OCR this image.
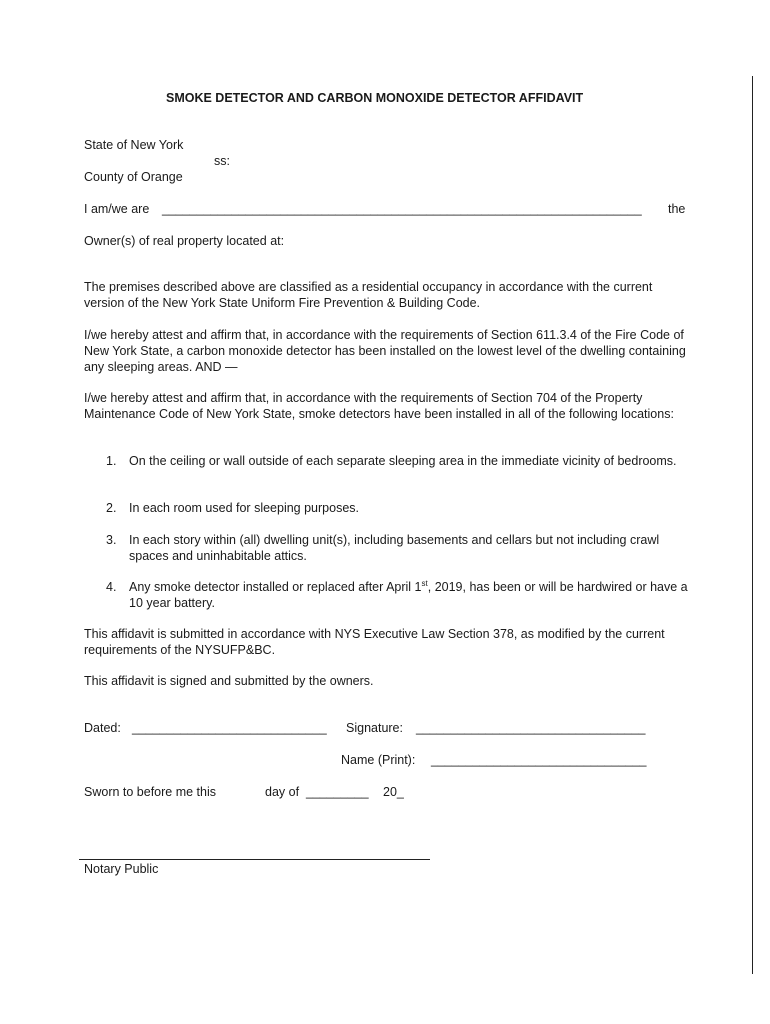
SMOKE DETECTOR AND CARBON MONOXIDE DETECTOR AFFIDAVIT
State of New York
ss:
County of Orange
I am/we are _____________________________________________________________________ the
Owner(s) of real property located at:
The premises described above are classified as a residential occupancy in accordance with the current version of the New York State Uniform Fire Prevention & Building Code.
I/we hereby attest and affirm that, in accordance with the requirements of Section 611.3.4 of the Fire Code of New York State, a carbon monoxide detector has been installed on the lowest level of the dwelling containing any sleeping areas. AND —
I/we hereby attest and affirm that, in accordance with the requirements of Section 704 of the Property Maintenance Code of New York State, smoke detectors have been installed in all of the following locations:
1. On the ceiling or wall outside of each separate sleeping area in the immediate vicinity of bedrooms.
2. In each room used for sleeping purposes.
3. In each story within (all) dwelling unit(s), including basements and cellars but not including crawl spaces and uninhabitable attics.
4. Any smoke detector installed or replaced after April 1st, 2019, has been or will be hardwired or have a 10 year battery.
This affidavit is submitted in accordance with NYS Executive Law Section 378, as modified by the current requirements of the NYSUFP&BC.
This affidavit is signed and submitted by the owners.
Dated: ____________________________ Signature: _________________________________
Name (Print): _______________________________
Sworn to before me this	day of _________ 20_
Notary Public
